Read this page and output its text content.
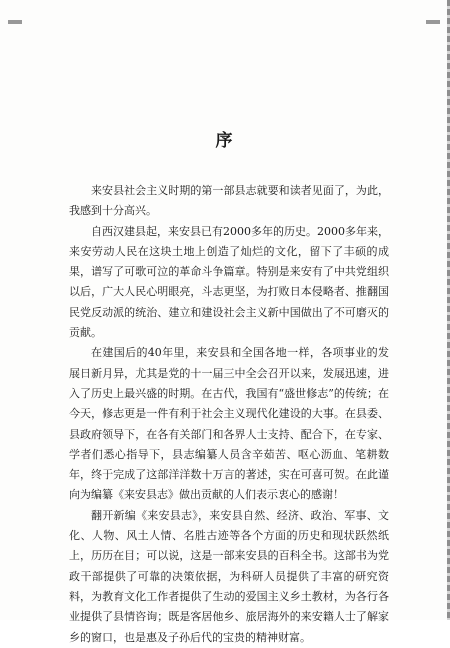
序

来安县社会主义时期的第一部县志就要和读者见面了，为此，我感到十分高兴。

自西汉建县起，来安县已有2000多年的历史。2000多年来，来安劳动人民在这块土地上创造了灿烂的文化，留下了丰硕的成果，谱写了可歌可泣的革命斗争篇章。特别是来安有了中共党组织以后，广大人民心明眼亮，斗志更坚，为打败日本侵略者、推翻国民党反动派的统治、建立和建设社会主义新中国做出了不可磨灭的贡献。

在建国后的40年里，来安县和全国各地一样，各项事业的发展日新月异，尤其是党的十一届三中全会召开以来，发展迅速，进入了历史上最兴盛的时期。在古代，我国有“盛世修志”的传统；在今天，修志更是一件有利于社会主义现代化建设的大事。在县委、县政府领导下，在各有关部门和各界人士支持、配合下，在专家、学者们悉心指导下，县志编纂人员含辛茹苦、呕心沥血、笔耕数年，终于完成了这部洋洋数十万言的著述，实在可喜可贺。在此谨向为编纂《来安县志》做出贡献的人们表示衷心的感谢！

翻开新编《来安县志》，来安县自然、经济、政治、军事、文化、人物、风土人情、名胜古迹等各个方面的历史和现状跃然纸上，历历在目；可以说，这是一部来安县的百科全书。这部书为党政干部提供了可靠的决策依据，为科研人员提供了丰富的研究资料，为教育文化工作者提供了生动的爱国主义乡土教材，为各行各业提供了县情咨询；既是客居他乡、旅居海外的来安籍人士了解家乡的窗口，也是惠及子孙后代的宝贵的精神财富。
